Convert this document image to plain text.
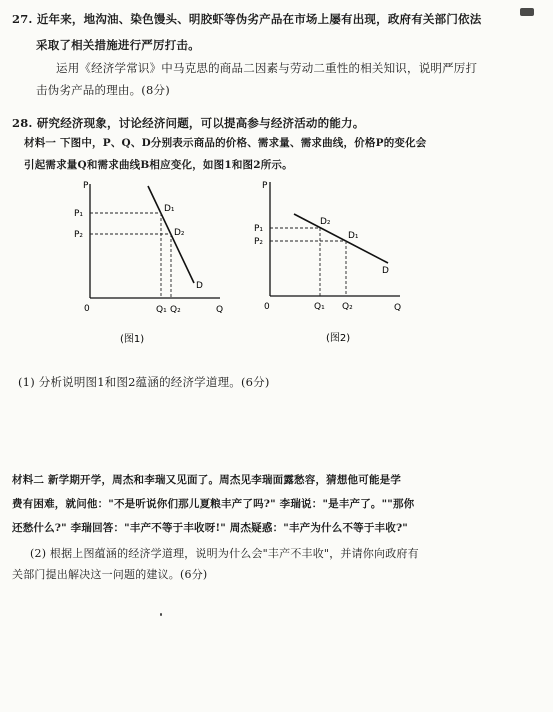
27. 近年来，地沟油、染色馒头、明胶虾等伪劣产品在市场上屡有出现，政府有关部门依法
采取了相关措施进行严厉打击。
运用《经济学常识》中马克思的商品二因素与劳动二重性的相关知识，说明严厉打
击伪劣产品的理由。(8分)
28. 研究经济现象，讨论经济问题，可以提高参与经济活动的能力。
材料一 下图中，P、Q、D分别表示商品的价格、需求量、需求曲线，价格P的变化会
引起需求量Q和需求曲线B相应变化，如图1和图2所示。
P
Q
0
P₁
P₂
Q₁ Q₂
D₁
D₂
D
(图1)
P
Q
0
P₁
P₂
Q₁ Q₂
D₂
D₁
D
(图2)
(1) 分析说明图1和图2蕴涵的经济学道理。(6分)
材料二 新学期开学，周杰和李瑞又见面了。周杰见李瑞面露愁容，猜想他可能是学
费有困难，就问他："不是听说你们那儿夏粮丰产了吗?" 李瑞说："是丰产了。""那你
还愁什么?" 李瑞回答："丰产不等于丰收呀!" 周杰疑惑："丰产为什么不等于丰收?"
(2) 根据上图蕴涵的经济学道理，说明为什么会"丰产不丰收"，并请你向政府有
关部门提出解决这一问题的建议。(6分)
